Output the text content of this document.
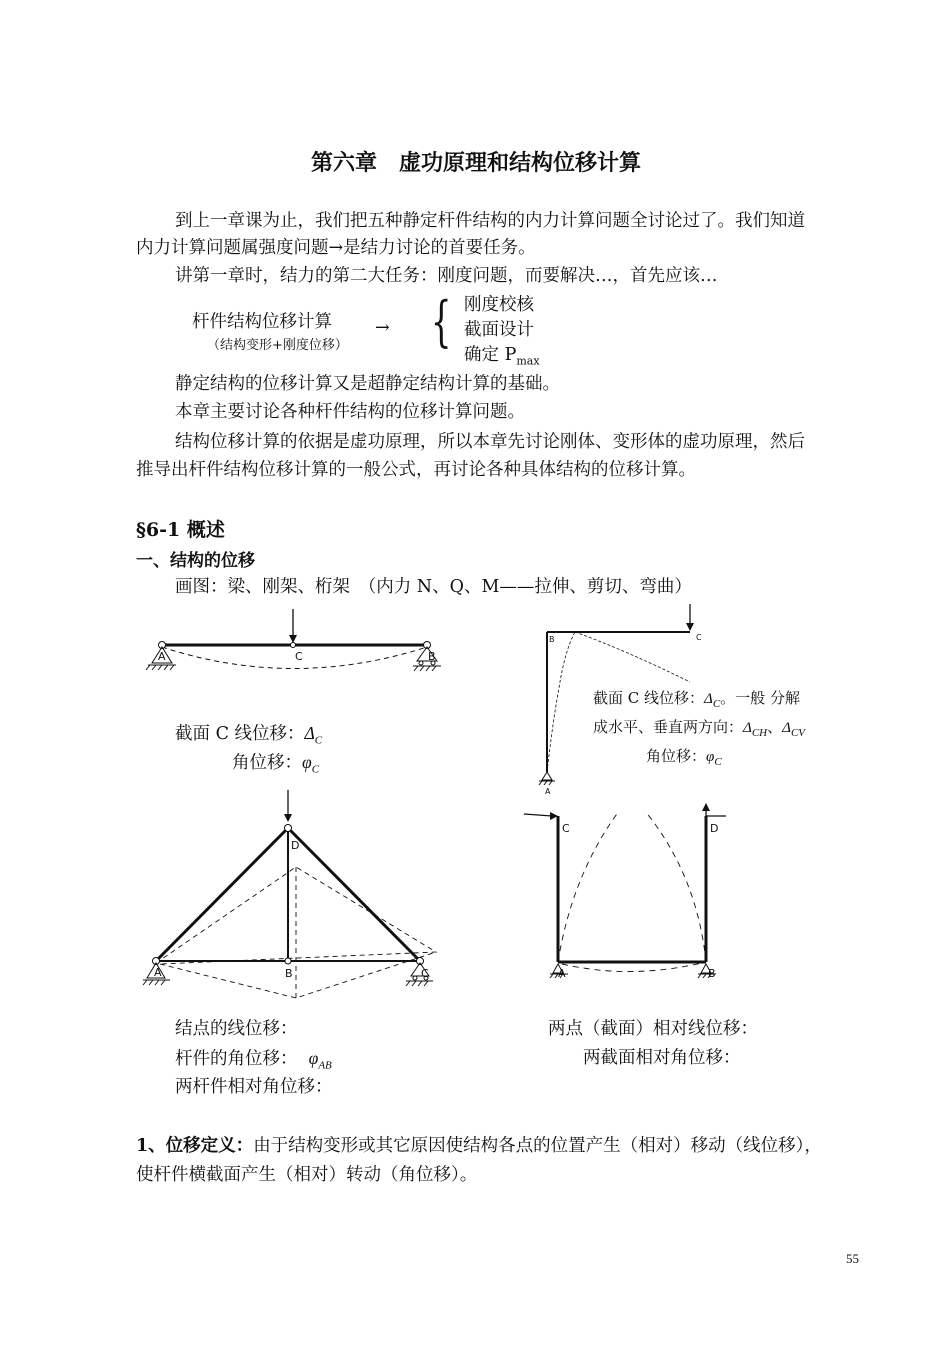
第六章　虚功原理和结构位移计算
到上一章课为止，我们把五种静定杆件结构的内力计算问题全讨论过了。我们知道
内力计算问题属强度问题→是结力讨论的首要任务。
讲第一章时，结力的第二大任务：刚度问题，而要解决…，首先应该…
杆件结构位移计算
（结构变形+刚度位移）
→ { 刚度校核
截面设计
确定 $P_{max}$
静定结构的位移计算又是超静定结构计算的基础。
本章主要讨论各种杆件结构的位移计算问题。
结构位移计算的依据是虚功原理，所以本章先讨论刚体、变形体的虚功原理，然后
推导出杆件结构位移计算的一般公式，再讨论各种具体结构的位移计算。
§6-1 概述
一、结构的位移
画图：梁、刚架、桁架　（内力 N、Q、M——拉伸、剪切、弯曲）
A	C	B
截面 C 线位移：$\Delta_C$
角位移：$\varphi_C$
B	C
A
截面 C 线位移：$\Delta_C$。一般 分解
成水平、垂直两方向：$\Delta_{CH}$、$\Delta_{CV}$
角位移：$\varphi_C$
D
A	B	C
C	D
A	B
结点的线位移：
杆件的角位移： $\varphi_{AB}$
两杆件相对角位移：
两点（截面）相对线位移：
两截面相对角位移：
1、位移定义：由于结构变形或其它原因使结构各点的位置产生（相对）移动（线位移），
使杆件横截面产生（相对）转动（角位移）。
55
